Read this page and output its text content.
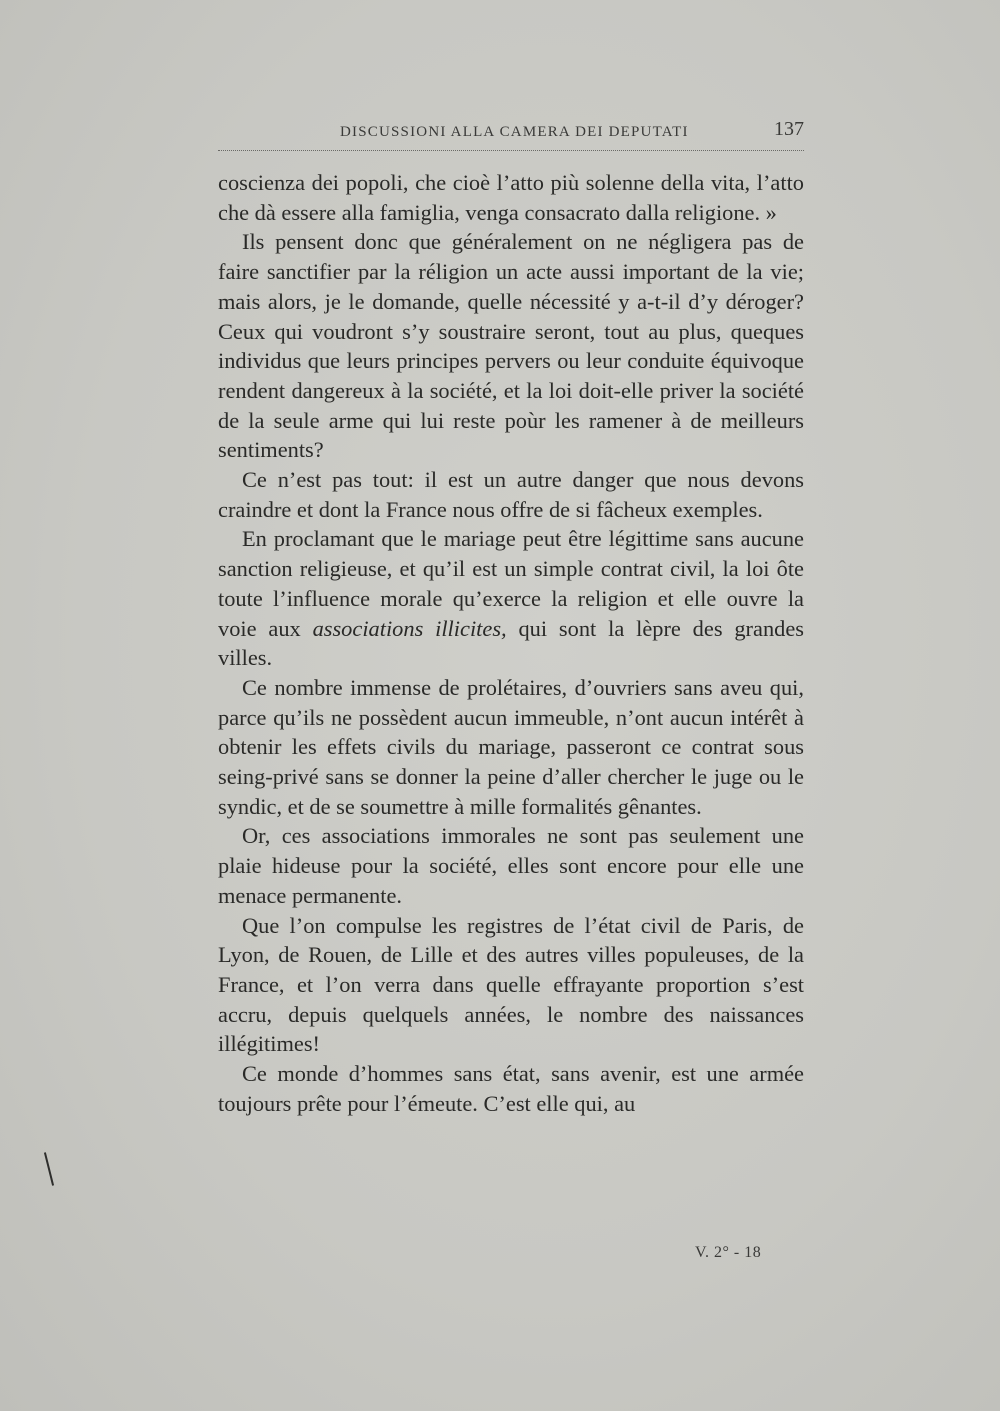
DISCUSSIONI ALLA CAMERA DEI DEPUTATI	137

coscienza dei popoli, che cioè l’atto più solenne della vita, l’atto che dà essere alla famiglia, venga consacrato dalla religione. »

Ils pensent donc que généralement on ne négligera pas de faire sanctifier par la réligion un acte aussi important de la vie; mais alors, je le domande, quelle nécessité y a-t-il d’y déroger? Ceux qui voudront s’y soustraire seront, tout au plus, queques individus que leurs principes pervers ou leur conduite équivoque rendent dangereux à la société, et la loi doit-elle priver la société de la seule arme qui lui reste poùr les ramener à de meilleurs sentiments?

Ce n’est pas tout: il est un autre danger que nous devons craindre et dont la France nous offre de si fâcheux exemples.

En proclamant que le mariage peut être légittime sans aucune sanction religieuse, et qu’il est un simple contrat civil, la loi ôte toute l’influence morale qu’exerce la religion et elle ouvre la voie aux associations illicites, qui sont la lèpre des grandes villes.

Ce nombre immense de prolétaires, d’ouvriers sans aveu qui, parce qu’ils ne possèdent aucun immeuble, n’ont aucun intérêt à obtenir les effets civils du mariage, passeront ce contrat sous seing-privé sans se donner la peine d’aller chercher le juge ou le syndic, et de se soumettre à mille formalités gênantes.

Or, ces associations immorales ne sont pas seulement une plaie hideuse pour la société, elles sont encore pour elle une menace permanente.

Que l’on compulse les registres de l’état civil de Paris, de Lyon, de Rouen, de Lille et des autres villes populeuses, de la France, et l’on verra dans quelle effrayante proportion s’est accru, depuis quelquels années, le nombre des naissances illégitimes!

Ce monde d’hommes sans état, sans avenir, est une armée toujours prête pour l’émeute. C’est elle qui, au

V. 2° - 18
